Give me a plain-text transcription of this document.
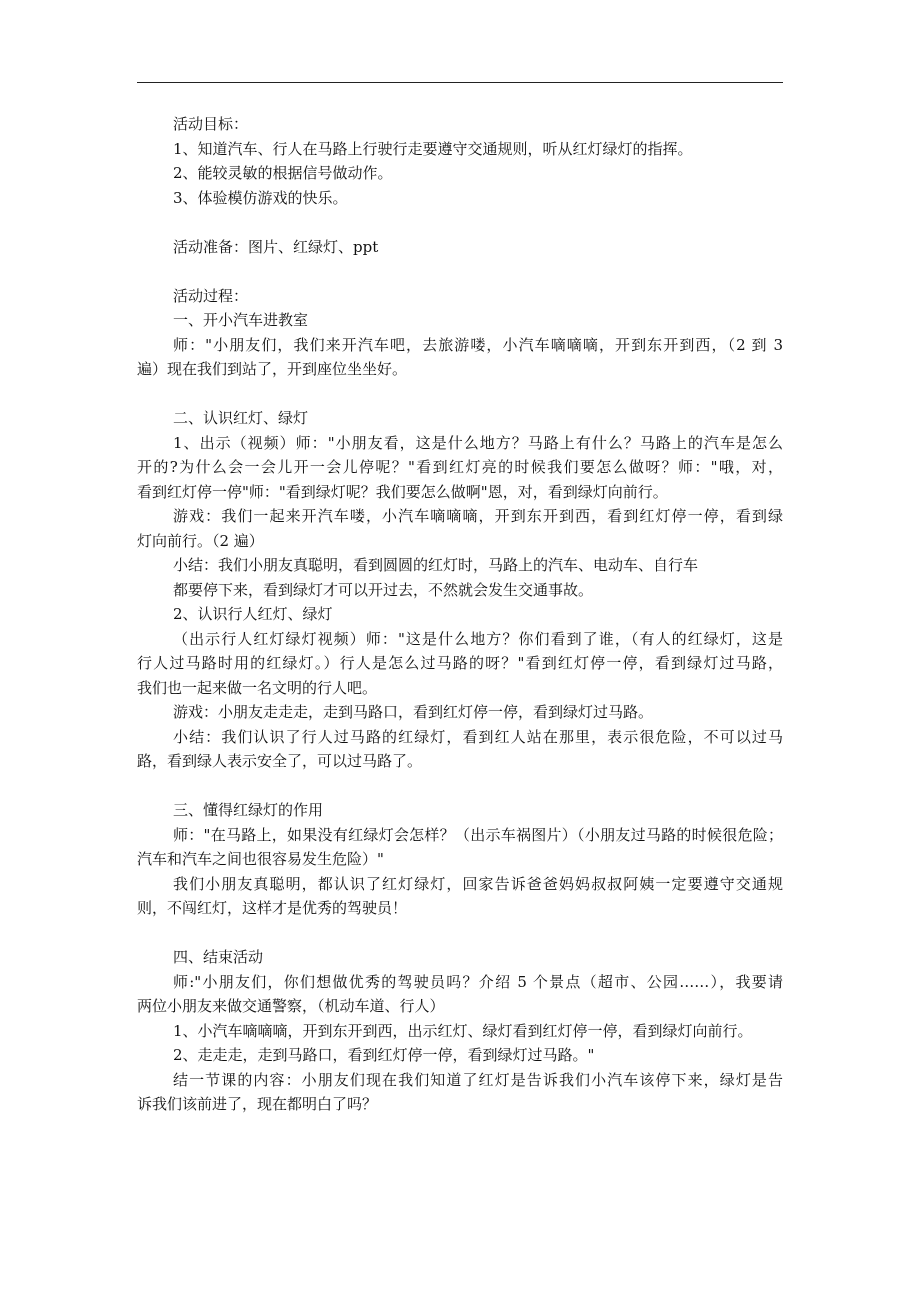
活动目标：
1、知道汽车、行人在马路上行驶行走要遵守交通规则，听从红灯绿灯的指挥。
2、能较灵敏的根据信号做动作。
3、体验模仿游戏的快乐。
活动准备：图片、红绿灯、ppt
活动过程：
一、开小汽车进教室
师："小朋友们，我们来开汽车吧，去旅游喽，小汽车嘀嘀嘀，开到东开到西，（2 到 3
遍）现在我们到站了，开到座位坐坐好。
二、认识红灯、绿灯
1、出示（视频）师："小朋友看，这是什么地方？马路上有什么？马路上的汽车是怎么
开的?为什么会一会儿开一会儿停呢？"看到红灯亮的时候我们要怎么做呀？师："哦，对，
看到红灯停一停"师："看到绿灯呢？我们要怎么做啊"恩，对，看到绿灯向前行。
游戏：我们一起来开汽车喽，小汽车嘀嘀嘀，开到东开到西，看到红灯停一停，看到绿
灯向前行。（2 遍）
小结：我们小朋友真聪明，看到圆圆的红灯时，马路上的汽车、电动车、自行车
都要停下来，看到绿灯才可以开过去，不然就会发生交通事故。
2、认识行人红灯、绿灯
（出示行人红灯绿灯视频）师："这是什么地方？你们看到了谁，（有人的红绿灯，这是
行人过马路时用的红绿灯。）行人是怎么过马路的呀？"看到红灯停一停，看到绿灯过马路，
我们也一起来做一名文明的行人吧。
游戏：小朋友走走走，走到马路口，看到红灯停一停，看到绿灯过马路。
小结：我们认识了行人过马路的红绿灯，看到红人站在那里，表示很危险，不可以过马
路，看到绿人表示安全了，可以过马路了。
三、懂得红绿灯的作用
师："在马路上，如果没有红绿灯会怎样？（出示车祸图片）（小朋友过马路的时候很危险；
汽车和汽车之间也很容易发生危险）"
我们小朋友真聪明，都认识了红灯绿灯，回家告诉爸爸妈妈叔叔阿姨一定要遵守交通规
则，不闯红灯，这样才是优秀的驾驶员！
四、结束活动
师:"小朋友们，你们想做优秀的驾驶员吗？介绍 5 个景点（超市、公园……），我要请
两位小朋友来做交通警察，（机动车道、行人）
1、小汽车嘀嘀嘀，开到东开到西，出示红灯、绿灯看到红灯停一停，看到绿灯向前行。
2、走走走，走到马路口，看到红灯停一停，看到绿灯过马路。"
结一节课的内容：小朋友们现在我们知道了红灯是告诉我们小汽车该停下来，绿灯是告
诉我们该前进了，现在都明白了吗？
